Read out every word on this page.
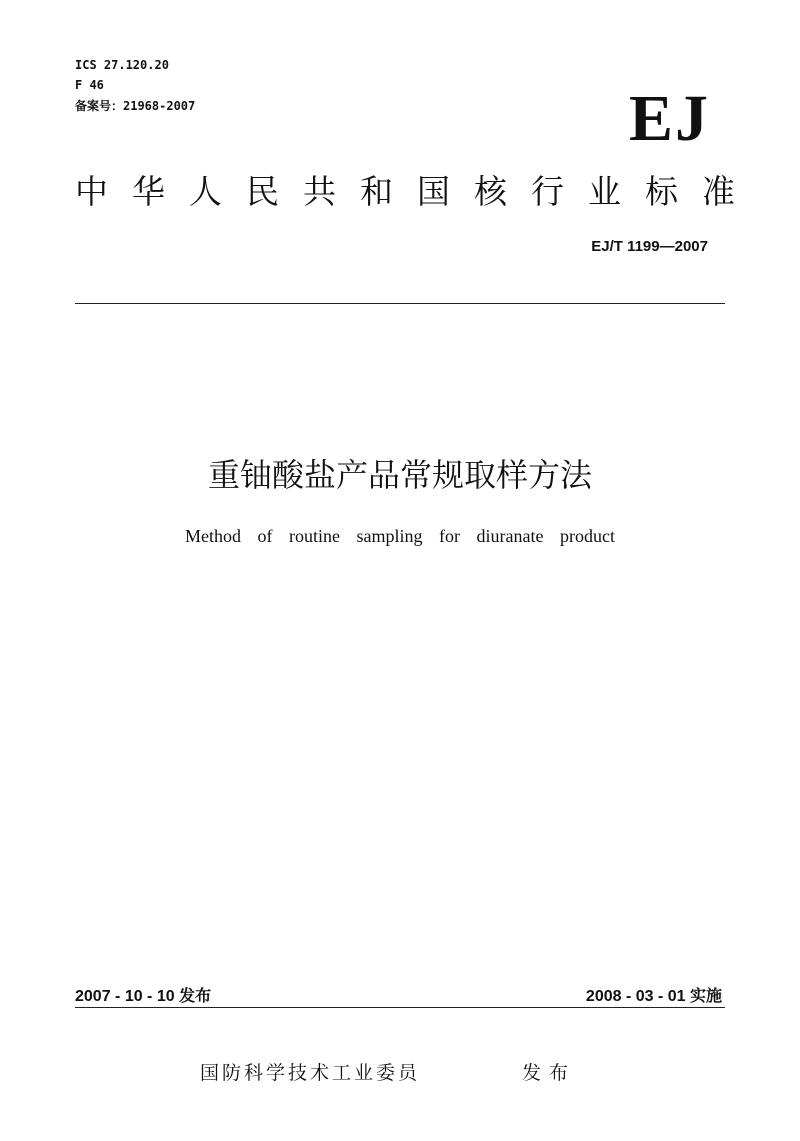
ICS 27.120.20
F 46
备案号：21968-2007	EJ
中 华 人 民 共 和 国 核 行 业 标 准
EJ/T 1199—2007
重铀酸盐产品常规取样方法
Method of routine sampling for diuranate product
2007 - 10 - 10 发布	2008 - 03 - 01 实施
国防科学技术工业委员	发布
